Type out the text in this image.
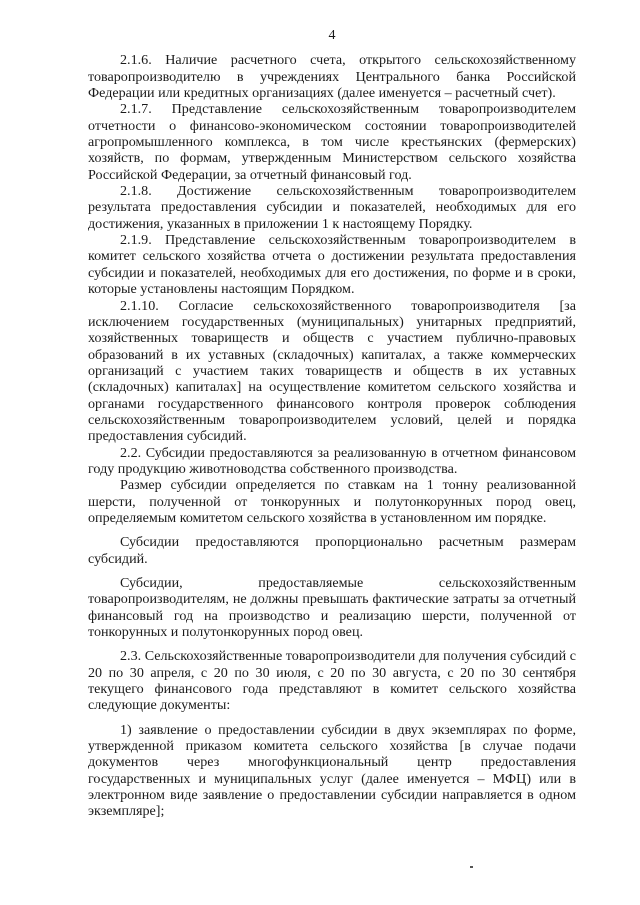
4

2.1.6. Наличие расчетного счета, открытого сельскохозяйственному товаропроизводителю в учреждениях Центрального банка Российской Федерации или кредитных организациях (далее именуется – расчетный счет).

2.1.7. Представление сельскохозяйственным товаропроизводителем отчетности о финансово-экономическом состоянии товаропроизводителей агропромышленного комплекса, в том числе крестьянских (фермерских) хозяйств, по формам, утвержденным Министерством сельского хозяйства Российской Федерации, за отчетный финансовый год.

2.1.8. Достижение сельскохозяйственным товаропроизводителем результата предоставления субсидии и показателей, необходимых для его достижения, указанных в приложении 1 к настоящему Порядку.

2.1.9. Представление сельскохозяйственным товаропроизводителем в комитет сельского хозяйства отчета о достижении результата предоставления субсидии и показателей, необходимых для его достижения, по форме и в сроки, которые установлены настоящим Порядком.

2.1.10. Согласие сельскохозяйственного товаропроизводителя [за исключением государственных (муниципальных) унитарных предприятий, хозяйственных товариществ и обществ с участием публично-правовых образований в их уставных (складочных) капиталах, а также коммерческих организаций с участием таких товариществ и обществ в их уставных (складочных) капиталах] на осуществление комитетом сельского хозяйства и органами государственного финансового контроля проверок соблюдения сельскохозяйственным товаропроизводителем условий, целей и порядка предоставления субсидий.

2.2. Субсидии предоставляются за реализованную в отчетном финансовом году продукцию животноводства собственного производства.

Размер субсидии определяется по ставкам на 1 тонну реализованной шерсти, полученной от тонкорунных и полутонкорунных пород овец, определяемым комитетом сельского хозяйства в установленном им порядке.

Субсидии предоставляются пропорционально расчетным размерам субсидий.

Субсидии, предоставляемые сельскохозяйственным товаропроизводителям, не должны превышать фактические затраты за отчетный финансовый год на производство и реализацию шерсти, полученной от тонкорунных и полутонкорунных пород овец.

2.3. Сельскохозяйственные товаропроизводители для получения субсидий с 20 по 30 апреля, с 20 по 30 июля, с 20 по 30 августа, с 20 по 30 сентября текущего финансового года представляют в комитет сельского хозяйства следующие документы:

1) заявление о предоставлении субсидии в двух экземплярах по форме, утвержденной приказом комитета сельского хозяйства [в случае подачи документов через многофункциональный центр предоставления государственных и муниципальных услуг (далее именуется – МФЦ) или в электронном виде заявление о предоставлении субсидии направляется в одном экземпляре];
